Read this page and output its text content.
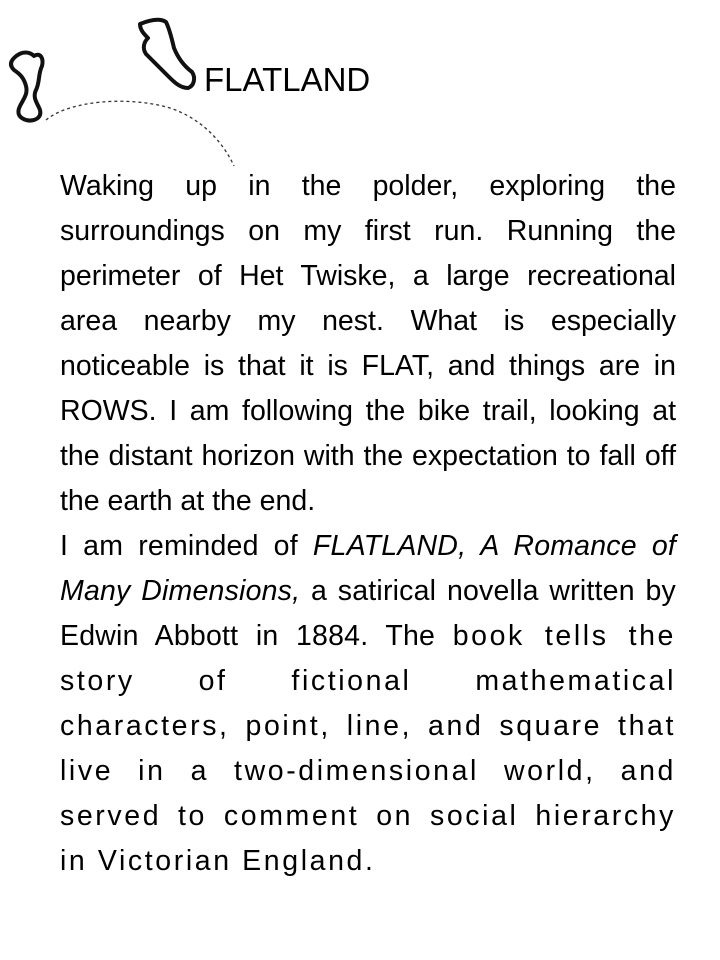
FLATLAND

Waking up in the polder, exploring the surroundings on my first run. Running the perimeter of Het Twiske, a large recreational area nearby my nest. What is especially noticeable is that it is FLAT, and things are in ROWS. I am following the bike trail, looking at the distant horizon with the expectation to fall off the earth at the end.

I am reminded of FLATLAND, A Romance of Many Dimensions, a satirical novella written by Edwin Abbott in 1884. The book tells the story of fictional mathematical characters, point, line, and square that live in a two-dimensional world, and served to comment on social hierarchy in Victorian England.
